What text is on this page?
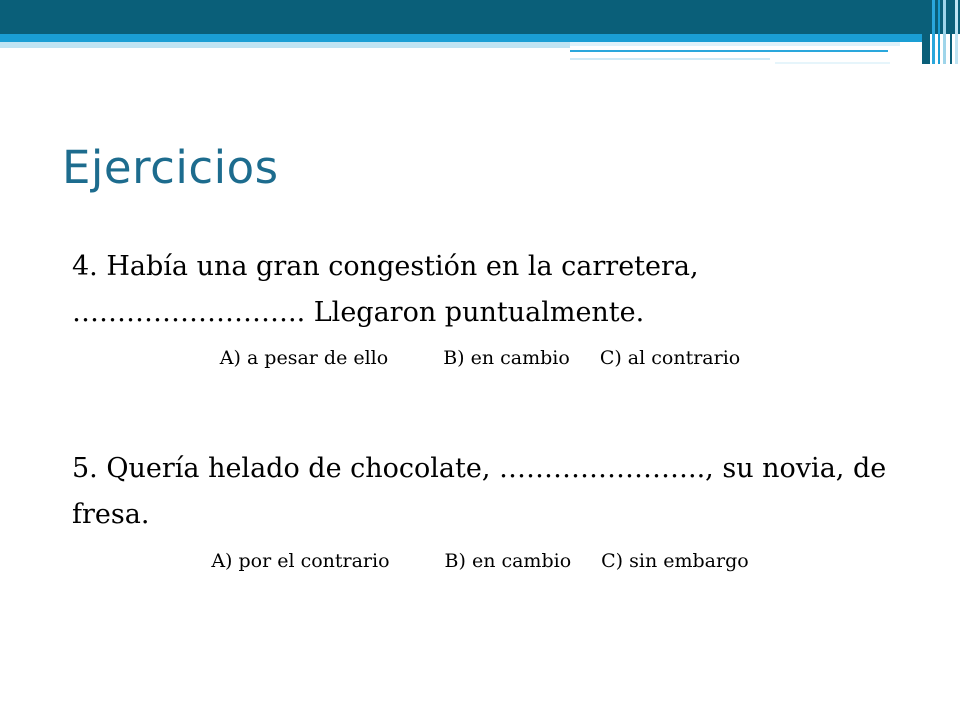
Ejercicios

4. Había una gran congestión en la carretera, …………………….. Llegaron puntualmente.

A) a pesar de ello	B) en cambio C) al contrario

5. Quería helado de chocolate, ………………….., su novia, de fresa.

A) por el contrario	B) en cambio C) sin embargo
